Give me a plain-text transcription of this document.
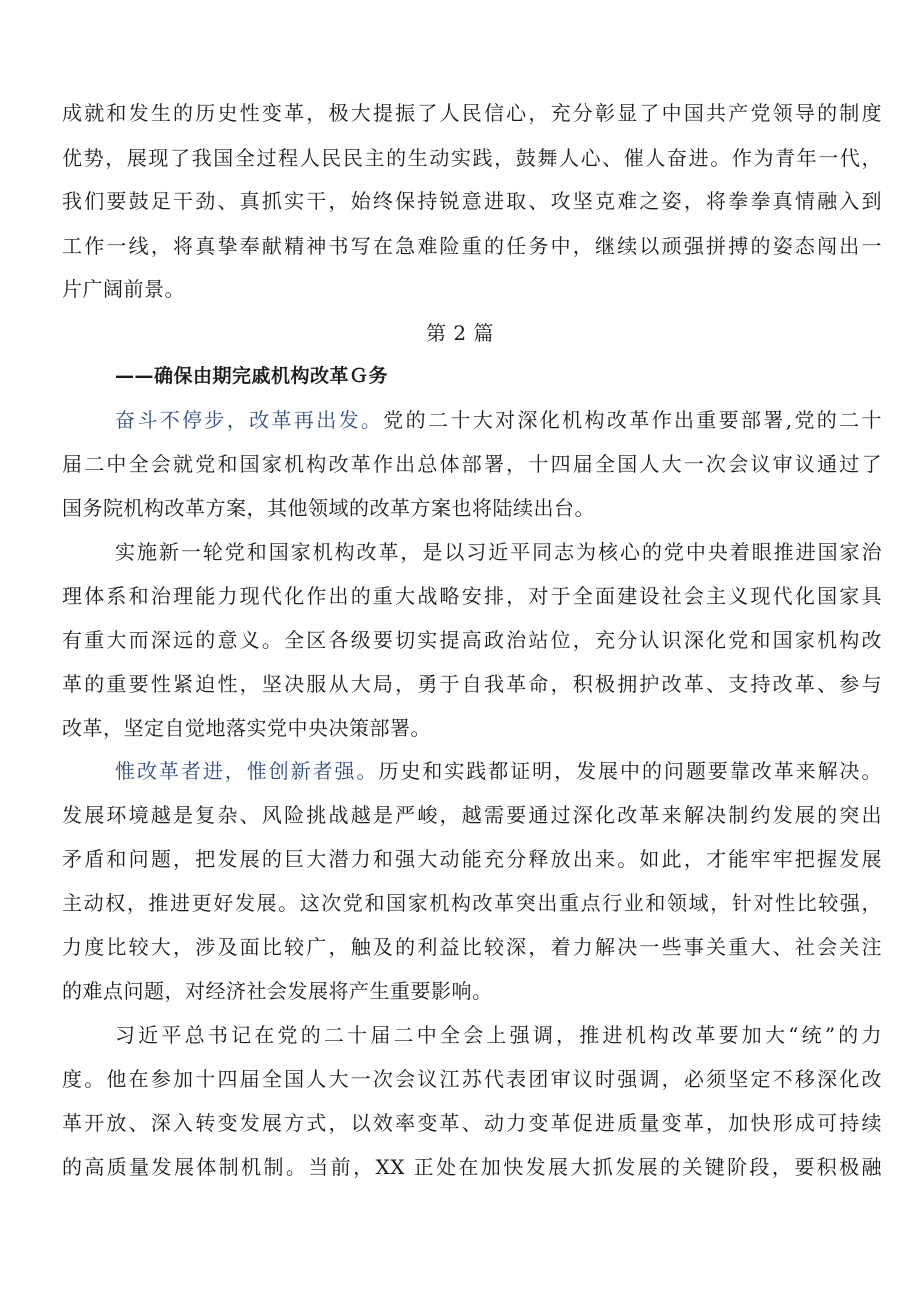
成就和发生的历史性变革，极大提振了人民信心，充分彰显了中国共产党领导的制度
优势，展现了我国全过程人民民主的生动实践，鼓舞人心、催人奋进。作为青年一代，
我们要鼓足干劲、真抓实干，始终保持锐意进取、攻坚克难之姿，将拳拳真情融入到
工作一线，将真挚奉献精神书写在急难险重的任务中，继续以顽强拼搏的姿态闯出一
片广阔前景。
第 2 篇
——确保由期完戚机构改革Ｇ务
奋斗不停步，改革再出发。党的二十大对深化机构改革作出重要部署,党的二十
届二中全会就党和国家机构改革作出总体部署，十四届全国人大一次会议审议通过了
国务院机构改革方案，其他领域的改革方案也将陆续出台。
实施新一轮党和国家机构改革，是以习近平同志为核心的党中央着眼推进国家治
理体系和治理能力现代化作出的重大战略安排，对于全面建设社会主义现代化国家具
有重大而深远的意义。全区各级要切实提高政治站位，充分认识深化党和国家机构改
革的重要性紧迫性，坚决服从大局，勇于自我革命，积极拥护改革、支持改革、参与
改革，坚定自觉地落实党中央决策部署。
惟改革者进，惟创新者强。历史和实践都证明，发展中的问题要靠改革来解决。
发展环境越是复杂、风险挑战越是严峻，越需要通过深化改革来解决制约发展的突出
矛盾和问题，把发展的巨大潜力和强大动能充分释放出来。如此，才能牢牢把握发展
主动权，推进更好发展。这次党和国家机构改革突出重点行业和领域，针对性比较强，
力度比较大，涉及面比较广，触及的利益比较深，着力解决一些事关重大、社会关注
的难点问题，对经济社会发展将产生重要影响。
习近平总书记在党的二十届二中全会上强调，推进机构改革要加大“统”的力
度。他在参加十四届全国人大一次会议江苏代表团审议时强调，必须坚定不移深化改
革开放、深入转变发展方式，以效率变革、动力变革促进质量变革，加快形成可持续
的高质量发展体制机制。当前，XX 正处在加快发展大抓发展的关键阶段，要积极融
